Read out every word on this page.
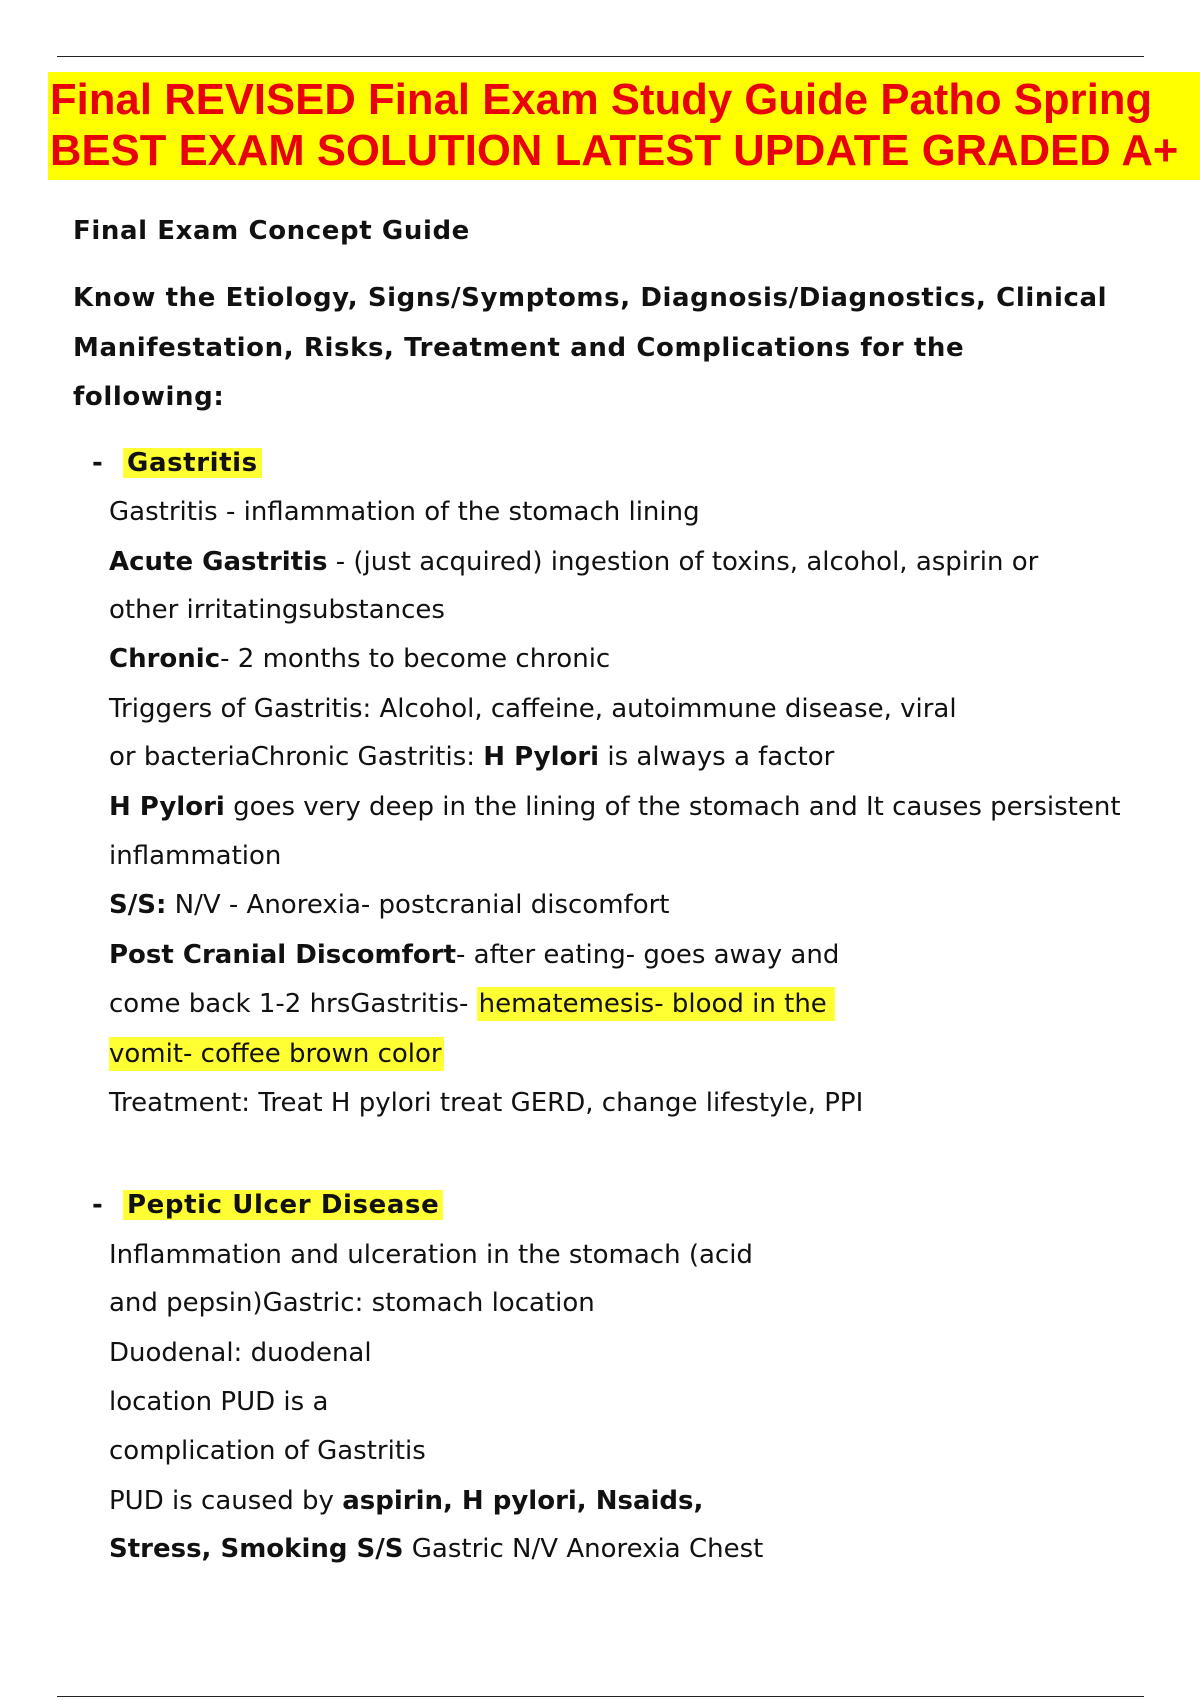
Final REVISED Final Exam Study Guide Patho Spring
BEST EXAM SOLUTION LATEST UPDATE GRADED A+
Final Exam Concept Guide
Know the Etiology, Signs/Symptoms, Diagnosis/Diagnostics, Clinical
Manifestation, Risks, Treatment and Complications for the
following:
- Gastritis
Gastritis - inflammation of the stomach lining
Acute Gastritis - (just acquired) ingestion of toxins, alcohol, aspirin or
other irritatingsubstances
Chronic- 2 months to become chronic
Triggers of Gastritis: Alcohol, caffeine, autoimmune disease, viral
or bacteriaChronic Gastritis: H Pylori is always a factor
H Pylori goes very deep in the lining of the stomach and It causes persistent
inflammation
S/S: N/V - Anorexia- postcranial discomfort
Post Cranial Discomfort- after eating- goes away and
come back 1-2 hrsGastritis- hematemesis- blood in the
vomit- coffee brown color
Treatment: Treat H pylori treat GERD, change lifestyle, PPI
- Peptic Ulcer Disease
Inflammation and ulceration in the stomach (acid
and pepsin)Gastric: stomach location
Duodenal: duodenal
location PUD is a
complication of Gastritis
PUD is caused by aspirin, H pylori, Nsaids,
Stress, Smoking S/S Gastric N/V Anorexia Chest
